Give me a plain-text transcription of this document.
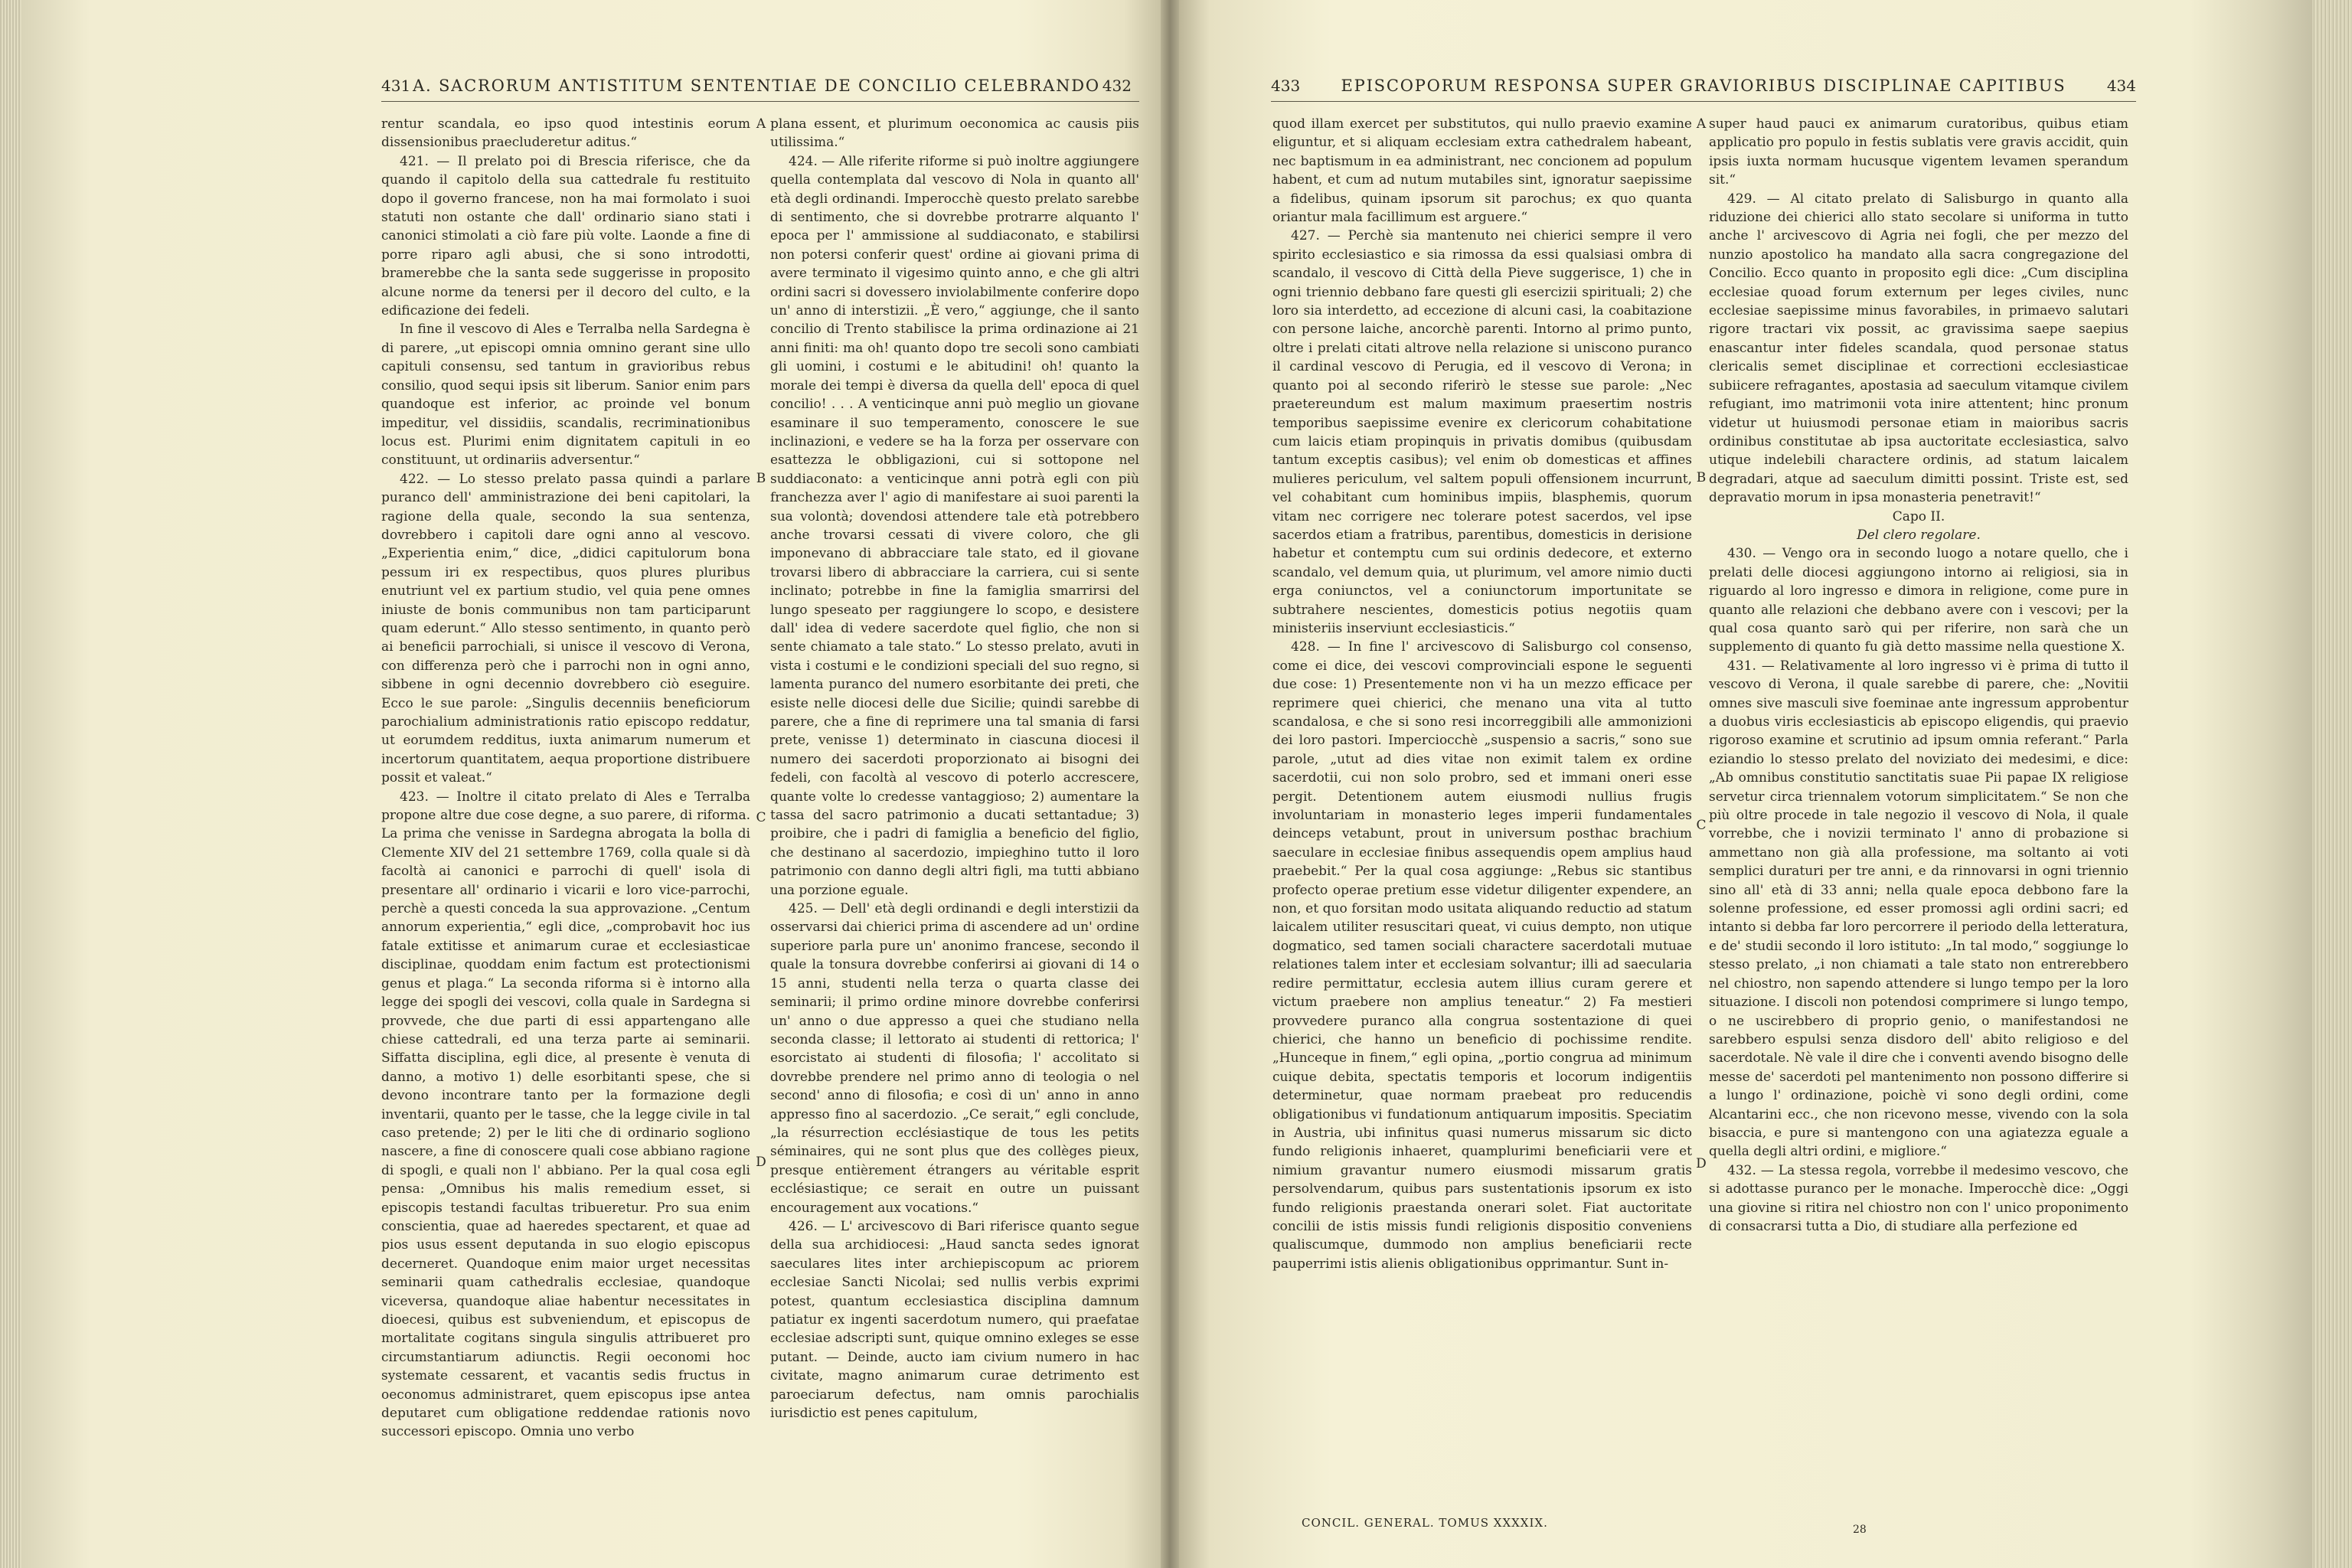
431 A. SACRORUM ANTISTITUM SENTENTIAE DE CONCILIO CELEBRANDO 432

rentur scandala, eo ipso quod intestinis eorum dissensionibus praecluderetur aditus.“

421. — Il prelato poi di Brescia riferisce, che da quando il capitolo della sua cattedrale fu restituito dopo il governo francese, non ha mai formolato i suoi statuti non ostante che dall' ordinario siano stati i canonici stimolati a ciò fare più volte. Laonde a fine di porre riparo agli abusi, che si sono introdotti, bramerebbe che la santa sede suggerisse in proposito alcune norme da tenersi per il decoro del culto, e la edificazione dei fedeli.

In fine il vescovo di Ales e Terralba nella Sardegna è di parere, „ut episcopi omnia omnino gerant sine ullo capituli consensu, sed tantum in gravioribus rebus consilio, quod sequi ipsis sit liberum. Sanior enim pars quandoque est inferior, ac proinde vel bonum impeditur, vel dissidiis, scandalis, recriminationibus locus est. Plurimi enim dignitatem capituli in eo constituunt, ut ordinariis adversentur.“

422. — Lo stesso prelato passa quindi a parlare puranco dell' amministrazione dei beni capitolari, la ragione della quale, secondo la sua sentenza, dovrebbero i capitoli dare ogni anno al vescovo. „Experientia enim,“ dice, „didici capitulorum bona pessum iri ex respectibus, quos plures pluribus enutriunt vel ex partium studio, vel quia pene omnes iniuste de bonis communibus non tam participarunt quam ederunt.“ Allo stesso sentimento, in quanto però ai beneficii parrochiali, si unisce il vescovo di Verona, con differenza però che i parrochi non in ogni anno, sibbene in ogni decennio dovrebbero ciò eseguire. Ecco le sue parole: „Singulis decenniis beneficiorum parochialium administrationis ratio episcopo reddatur, ut eorumdem redditus, iuxta animarum numerum et incertorum quantitatem, aequa proportione distribuere possit et valeat.“

423. — Inoltre il citato prelato di Ales e Terralba propone altre due cose degne, a suo parere, di riforma. La prima che venisse in Sardegna abrogata la bolla di Clemente XIV del 21 settembre 1769, colla quale si dà facoltà ai canonici e parrochi di quell' isola di presentare all' ordinario i vicarii e loro vice-parrochi, perchè a questi conceda la sua approvazione. „Centum annorum experientia,“ egli dice, „comprobavit hoc ius fatale extitisse et animarum curae et ecclesiasticae disciplinae, quoddam enim factum est protectionismi genus et plaga.“ La seconda riforma si è intorno alla legge dei spogli dei vescovi, colla quale in Sardegna si provvede, che due parti di essi appartengano alle chiese cattedrali, ed una terza parte ai seminarii. Siffatta disciplina, egli dice, al presente è venuta di danno, a motivo 1) delle esorbitanti spese, che si devono incontrare tanto per la formazione degli inventarii, quanto per le tasse, che la legge civile in tal caso pretende; 2) per le liti che di ordinario sogliono nascere, a fine di conoscere quali cose abbiano ragione di spogli, e quali non l' abbiano. Per la qual cosa egli pensa: „Omnibus his malis remedium esset, si episcopis testandi facultas tribueretur. Pro sua enim conscientia, quae ad haeredes spectarent, et quae ad pios usus essent deputanda in suo elogio episcopus decerneret. Quandoque enim maior urget necessitas seminarii quam cathedralis ecclesiae, quandoque viceversa, quandoque aliae habentur necessitates in dioecesi, quibus est subveniendum, et episcopus de mortalitate cogitans singula singulis attribueret pro circumstantiarum adiunctis. Regii oeconomi hoc systemate cessarent, et vacantis sedis fructus in oeconomus administraret, quem episcopus ipse antea deputaret cum obligatione reddendae rationis novo successori episcopo. Omnia uno verbo

A
B
C
D

plana essent, et plurimum oeconomica ac causis piis utilissima.“

424. — Alle riferite riforme si può inoltre aggiungere quella contemplata dal vescovo di Nola in quanto all' età degli ordinandi. Imperocchè questo prelato sarebbe di sentimento, che si dovrebbe protrarre alquanto l' epoca per l' ammissione al suddiaconato, e stabilirsi non potersi conferir quest' ordine ai giovani prima di avere terminato il vigesimo quinto anno, e che gli altri ordini sacri si dovessero inviolabilmente conferire dopo un' anno di interstizii. „È vero,“ aggiunge, che il santo concilio di Trento stabilisce la prima ordinazione ai 21 anni finiti: ma oh! quanto dopo tre secoli sono cambiati gli uomini, i costumi e le abitudini! oh! quanto la morale dei tempi è diversa da quella dell' epoca di quel concilio! . . . A venticinque anni può meglio un giovane esaminare il suo temperamento, conoscere le sue inclinazioni, e vedere se ha la forza per osservare con esattezza le obbligazioni, cui si sottopone nel suddiaconato: a venticinque anni potrà egli con più franchezza aver l' agio di manifestare ai suoi parenti la sua volontà; dovendosi attendere tale età potrebbero anche trovarsi cessati di vivere coloro, che gli imponevano di abbracciare tale stato, ed il giovane trovarsi libero di abbracciare la carriera, cui si sente inclinato; potrebbe in fine la famiglia smarrirsi del lungo speseato per raggiungere lo scopo, e desistere dall' idea di vedere sacerdote quel figlio, che non si sente chiamato a tale stato.“ Lo stesso prelato, avuti in vista i costumi e le condizioni speciali del suo regno, si lamenta puranco del numero esorbitante dei preti, che esiste nelle diocesi delle due Sicilie; quindi sarebbe di parere, che a fine di reprimere una tal smania di farsi prete, venisse 1) determinato in ciascuna diocesi il numero dei sacerdoti proporzionato ai bisogni dei fedeli, con facoltà al vescovo di poterlo accrescere, quante volte lo credesse vantaggioso; 2) aumentare la tassa del sacro patrimonio a ducati settantadue; 3) proibire, che i padri di famiglia a beneficio del figlio, che destinano al sacerdozio, impieghino tutto il loro patrimonio con danno degli altri figli, ma tutti abbiano una porzione eguale.

425. — Dell' età degli ordinandi e degli interstizii da osservarsi dai chierici prima di ascendere ad un' ordine superiore parla pure un' anonimo francese, secondo il quale la tonsura dovrebbe conferirsi ai giovani di 14 o 15 anni, studenti nella terza o quarta classe dei seminarii; il primo ordine minore dovrebbe conferirsi un' anno o due appresso a quei che studiano nella seconda classe; il lettorato ai studenti di rettorica; l' esorcistato ai studenti di filosofia; l' accolitato si dovrebbe prendere nel primo anno di teologia o nel second' anno di filosofia; e così di un' anno in anno appresso fino al sacerdozio. „Ce serait,“ egli conclude, „la résurrection ecclésiastique de tous les petits séminaires, qui ne sont plus que des collèges pieux, presque entièrement étrangers au véritable esprit ecclésiastique; ce serait en outre un puissant encouragement aux vocations.“

426. — L' arcivescovo di Bari riferisce quanto segue della sua archidiocesi: „Haud sancta sedes ignorat saeculares lites inter archiepiscopum ac priorem ecclesiae Sancti Nicolai; sed nullis verbis exprimi potest, quantum ecclesiastica disciplina damnum patiatur ex ingenti sacerdotum numero, qui praefatae ecclesiae adscripti sunt, quique omnino exleges se esse putant. — Deinde, aucto iam civium numero in hac civitate, magno animarum curae detrimento est paroeciarum defectus, nam omnis parochialis iurisdictio est penes capitulum,

433	EPISCOPORUM RESPONSA SUPER GRAVIORIBUS DISCIPLINAE CAPITIBUS	434

quod illam exercet per substitutos, qui nullo praevio examine eliguntur, et si aliquam ecclesiam extra cathedralem habeant, nec baptismum in ea administrant, nec concionem ad populum habent, et cum ad nutum mutabiles sint, ignoratur saepissime a fidelibus, quinam ipsorum sit parochus; ex quo quanta oriantur mala facillimum est arguere.“

427. — Perchè sia mantenuto nei chierici sempre il vero spirito ecclesiastico e sia rimossa da essi qualsiasi ombra di scandalo, il vescovo di Città della Pieve suggerisce, 1) che in ogni triennio debbano fare questi gli esercizii spirituali; 2) che loro sia interdetto, ad eccezione di alcuni casi, la coabitazione con persone laiche, ancorchè parenti. Intorno al primo punto, oltre i prelati citati altrove nella relazione si uniscono puranco il cardinal vescovo di Perugia, ed il vescovo di Verona; in quanto poi al secondo riferirò le stesse sue parole: „Nec praetereundum est malum maximum praesertim nostris temporibus saepissime evenire ex clericorum cohabitatione cum laicis etiam propinquis in privatis domibus (quibusdam tantum exceptis casibus); vel enim ob domesticas et affines mulieres periculum, vel saltem populi offensionem incurrunt, vel cohabitant cum hominibus impiis, blasphemis, quorum vitam nec corrigere nec tolerare potest sacerdos, vel ipse sacerdos etiam a fratribus, parentibus, domesticis in derisione habetur et contemptu cum sui ordinis dedecore, et externo scandalo, vel demum quia, ut plurimum, vel amore nimio ducti erga coniunctos, vel a coniunctorum importunitate se subtrahere nescientes, domesticis potius negotiis quam ministeriis inserviunt ecclesiasticis.“

428. — In fine l' arcivescovo di Salisburgo col consenso, come ei dice, dei vescovi comprovinciali espone le seguenti due cose: 1) Presentemente non vi ha un mezzo efficace per reprimere quei chierici, che menano una vita al tutto scandalosa, e che si sono resi incorreggibili alle ammonizioni dei loro pastori. Imperciocchè „suspensio a sacris,“ sono sue parole, „utut ad dies vitae non eximit talem ex ordine sacerdotii, cui non solo probro, sed et immani oneri esse pergit. Detentionem autem eiusmodi nullius frugis involuntariam in monasterio leges imperii fundamentales deinceps vetabunt, prout in universum posthac brachium saeculare in ecclesiae finibus assequendis opem amplius haud praebebit.“ Per la qual cosa aggiunge: „Rebus sic stantibus profecto operae pretium esse videtur diligenter expendere, an non, et quo forsitan modo usitata aliquando reductio ad statum laicalem utiliter resuscitari queat, vi cuius dempto, non utique dogmatico, sed tamen sociali charactere sacerdotali mutuae relationes talem inter et ecclesiam solvantur; illi ad saecularia redire permittatur, ecclesia autem illius curam gerere et victum praebere non amplius teneatur.“ 2) Fa mestieri provvedere puranco alla congrua sostentazione di quei chierici, che hanno un beneficio di pochissime rendite. „Hunceque in finem,“ egli opina, „portio congrua ad minimum cuique debita, spectatis temporis et locorum indigentiis determinetur, quae normam praebeat pro reducendis obligationibus vi fundationum antiquarum impositis. Speciatim in Austria, ubi infinitus quasi numerus missarum sic dicto fundo religionis inhaeret, quamplurimi beneficiarii vere et nimium gravantur numero eiusmodi missarum gratis persolvendarum, quibus pars sustentationis ipsorum ex isto fundo religionis praestanda onerari solet. Fiat auctoritate concilii de istis missis fundi religionis dispositio conveniens qualiscumque, dummodo non amplius beneficiarii recte pauperrimi istis alienis obligationibus opprimantur. Sunt in-

A
B
C
D

super haud pauci ex animarum curatoribus, quibus etiam applicatio pro populo in festis sublatis vere gravis accidit, quin ipsis iuxta normam hucusque vigentem levamen sperandum sit.“

429. — Al citato prelato di Salisburgo in quanto alla riduzione dei chierici allo stato secolare si uniforma in tutto anche l' arcivescovo di Agria nei fogli, che per mezzo del nunzio apostolico ha mandato alla sacra congregazione del Concilio. Ecco quanto in proposito egli dice: „Cum disciplina ecclesiae quoad forum externum per leges civiles, nunc ecclesiae saepissime minus favorabiles, in primaevo salutari rigore tractari vix possit, ac gravissima saepe saepius enascantur inter fideles scandala, quod personae status clericalis semet disciplinae et correctioni ecclesiasticae subiicere refragantes, apostasia ad saeculum vitamque civilem refugiant, imo matrimonii vota inire attentent; hinc pronum videtur ut huiusmodi personae etiam in maioribus sacris ordinibus constitutae ab ipsa auctoritate ecclesiastica, salvo utique indelebili charactere ordinis, ad statum laicalem degradari, atque ad saeculum dimitti possint. Triste est, sed depravatio morum in ipsa monasteria penetravit!“

Capo II.

Del clero regolare.

430. — Vengo ora in secondo luogo a notare quello, che i prelati delle diocesi aggiungono intorno ai religiosi, sia in riguardo al loro ingresso e dimora in religione, come pure in quanto alle relazioni che debbano avere con i vescovi; per la qual cosa quanto sarò qui per riferire, non sarà che un supplemento di quanto fu già detto massime nella questione X.

431. — Relativamente al loro ingresso vi è prima di tutto il vescovo di Verona, il quale sarebbe di parere, che: „Novitii omnes sive masculi sive foeminae ante ingressum approbentur a duobus viris ecclesiasticis ab episcopo eligendis, qui praevio rigoroso examine et scrutinio ad ipsum omnia referant.“ Parla eziandio lo stesso prelato del noviziato dei medesimi, e dice: „Ab omnibus constitutio sanctitatis suae Pii papae IX religiose servetur circa triennalem votorum simplicitatem.“ Se non che più oltre procede in tale negozio il vescovo di Nola, il quale vorrebbe, che i novizii terminato l' anno di probazione si ammettano non già alla professione, ma soltanto ai voti semplici duraturi per tre anni, e da rinnovarsi in ogni triennio sino all' età di 33 anni; nella quale epoca debbono fare la solenne professione, ed esser promossi agli ordini sacri; ed intanto si debba far loro percorrere il periodo della letteratura, e de' studii secondo il loro istituto: „In tal modo,“ soggiunge lo stesso prelato, „i non chiamati a tale stato non entrerebbero nel chiostro, non sapendo attendere si lungo tempo per la loro situazione. I discoli non potendosi comprimere si lungo tempo, o ne uscirebbero di proprio genio, o manifestandosi ne sarebbero espulsi senza disdoro dell' abito religioso e del sacerdotale. Nè vale il dire che i conventi avendo bisogno delle messe de' sacerdoti pel mantenimento non possono differire si a lungo l' ordinazione, poichè vi sono degli ordini, come Alcantarini ecc., che non ricevono messe, vivendo con la sola bisaccia, e pure si mantengono con una agiatezza eguale a quella degli altri ordini, e migliore.“

432. — La stessa regola, vorrebbe il medesimo vescovo, che si adottasse puranco per le monache. Imperocchè dice: „Oggi una giovine si ritira nel chiostro non con l' unico proponimento di consacrarsi tutta a Dio, di studiare alla perfezione ed

CONCIL. GENERAL. TOMUS XXXXIX.	28
